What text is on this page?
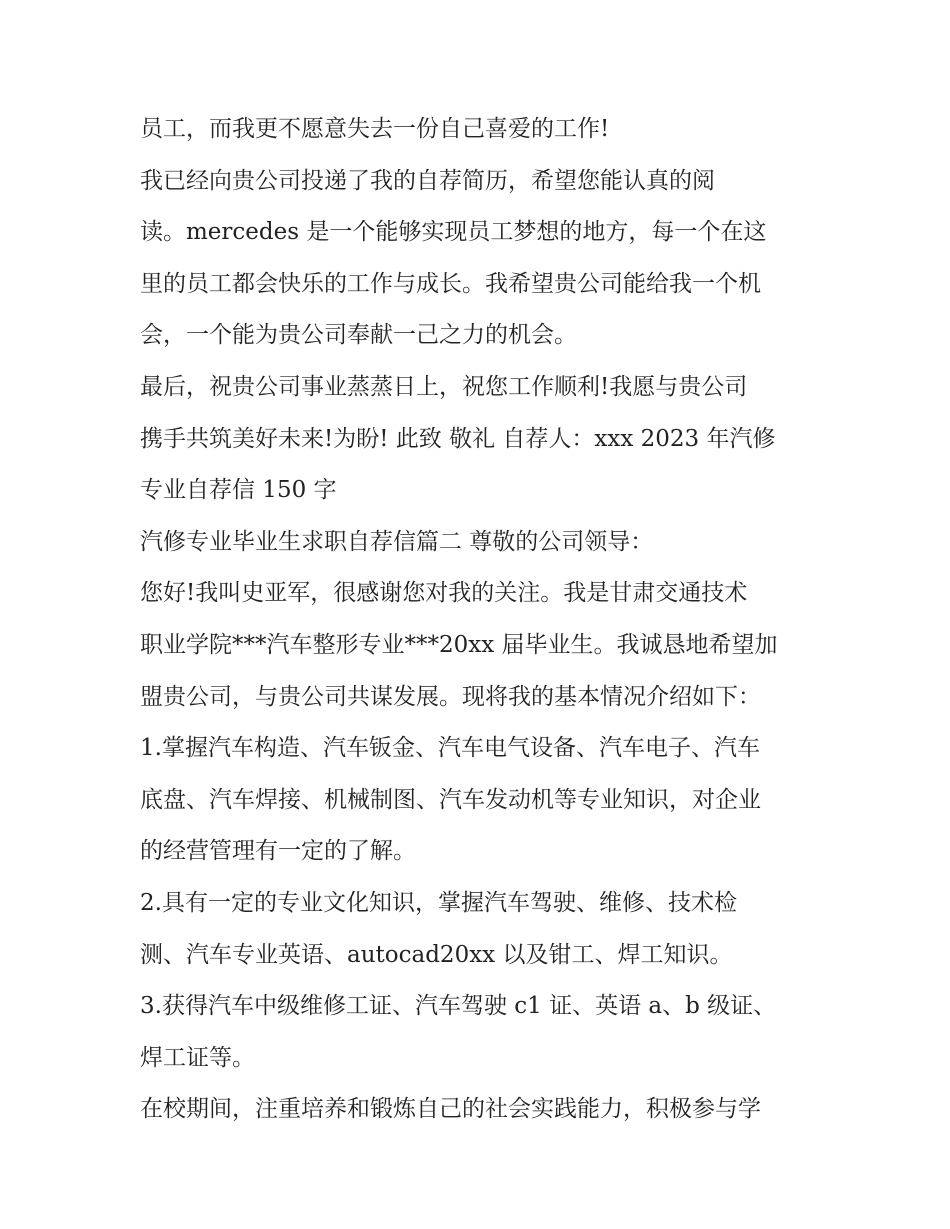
员工，而我更不愿意失去一份自己喜爱的工作!
我已经向贵公司投递了我的自荐简历，希望您能认真的阅
读。mercedes 是一个能够实现员工梦想的地方，每一个在这
里的员工都会快乐的工作与成长。我希望贵公司能给我一个机
会，一个能为贵公司奉献一己之力的机会。
最后，祝贵公司事业蒸蒸日上，祝您工作顺利!我愿与贵公司
携手共筑美好未来!为盼! 此致 敬礼 自荐人：xxx 2023 年汽修
专业自荐信 150 字
汽修专业毕业生求职自荐信篇二 尊敬的公司领导：
您好!我叫史亚军，很感谢您对我的关注。我是甘肃交通技术
职业学院***汽车整形专业***20xx 届毕业生。我诚恳地希望加
盟贵公司，与贵公司共谋发展。现将我的基本情况介绍如下：
1.掌握汽车构造、汽车钣金、汽车电气设备、汽车电子、汽车
底盘、汽车焊接、机械制图、汽车发动机等专业知识，对企业
的经营管理有一定的了解。
2.具有一定的专业文化知识，掌握汽车驾驶、维修、技术检
测、汽车专业英语、autocad20xx 以及钳工、焊工知识。
3.获得汽车中级维修工证、汽车驾驶 c1 证、英语 a、b 级证、
焊工证等。
在校期间，注重培养和锻炼自己的社会实践能力，积极参与学
